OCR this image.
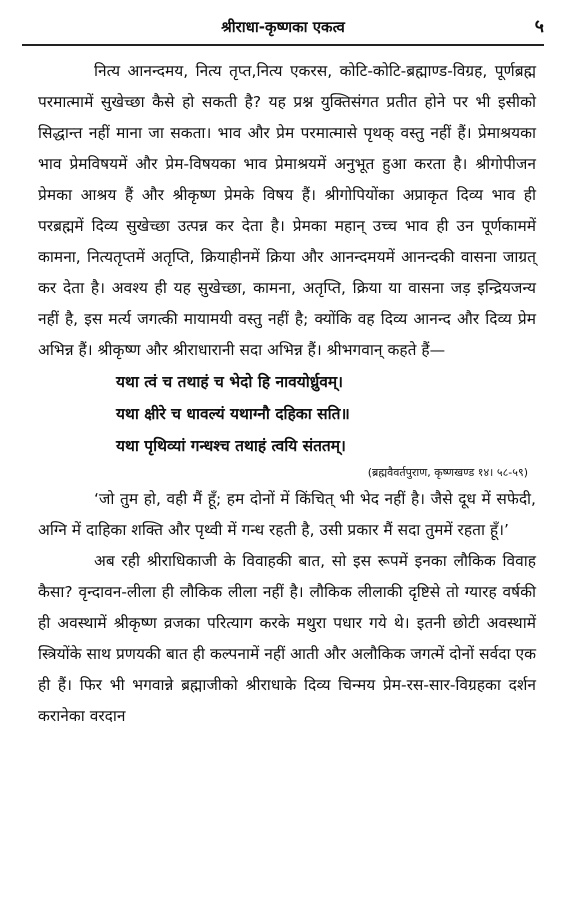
श्रीराधा-कृष्णका एकत्व	५

नित्य आनन्दमय, नित्य तृप्त,नित्य एकरस, कोटि-कोटि-ब्रह्माण्ड-विग्रह, पूर्णब्रह्म परमात्मामें सुखेच्छा कैसे हो सकती है? यह प्रश्न युक्तिसंगत प्रतीत होने पर भी इसीको सिद्धान्त नहीं माना जा सकता। भाव और प्रेम परमात्मासे पृथक् वस्तु नहीं हैं। प्रेमाश्रयका भाव प्रेमविषयमें और प्रेम-विषयका भाव प्रेमाश्रयमें अनुभूत हुआ करता है। श्रीगोपीजन प्रेमका आश्रय हैं और श्रीकृष्ण प्रेमके विषय हैं। श्रीगोपियोंका अप्राकृत दिव्य भाव ही परब्रह्ममें दिव्य सुखेच्छा उत्पन्न कर देता है। प्रेमका महान् उच्च भाव ही उन पूर्णकाममें कामना, नित्यतृप्तमें अतृप्ति, क्रियाहीनमें क्रिया और आनन्दमयमें आनन्दकी वासना जाग्रत् कर देता है। अवश्य ही यह सुखेच्छा, कामना, अतृप्ति, क्रिया या वासना जड़ इन्द्रियजन्य नहीं है, इस मर्त्य जगत्की मायामयी वस्तु नहीं है; क्योंकि वह दिव्य आनन्द और दिव्य प्रेम अभिन्न हैं। श्रीकृष्ण और श्रीराधारानी सदा अभिन्न हैं। श्रीभगवान् कहते हैं—

यथा त्वं च तथाहं च भेदो हि नावयोर्ध्रुवम्।
यथा क्षीरे च धावल्यं यथाग्नौ दहिका सति॥
यथा पृथिव्यां गन्धश्च तथाहं त्वयि संततम्।

(ब्रह्मवैवर्तपुराण, कृष्णखण्ड १४। ५८-५९)

‘जो तुम हो, वही मैं हूँ; हम दोनों में किंचित् भी भेद नहीं है। जैसे दूध में सफेदी, अग्नि में दाहिका शक्ति और पृथ्वी में गन्ध रहती है, उसी प्रकार मैं सदा तुममें रहता हूँ।’

अब रही श्रीराधिकाजी के विवाहकी बात, सो इस रूपमें इनका लौकिक विवाह कैसा? वृन्दावन-लीला ही लौकिक लीला नहीं है। लौकिक लीलाकी दृष्टिसे तो ग्यारह वर्षकी ही अवस्थामें श्रीकृष्ण व्रजका परित्याग करके मथुरा पधार गये थे। इतनी छोटी अवस्थामें स्त्रियोंके साथ प्रणयकी बात ही कल्पनामें नहीं आती और अलौकिक जगत्में दोनों सर्वदा एक ही हैं। फिर भी भगवान्ने ब्रह्माजीको श्रीराधाके दिव्य चिन्मय प्रेम-रस-सार-विग्रहका दर्शन करानेका वरदान
